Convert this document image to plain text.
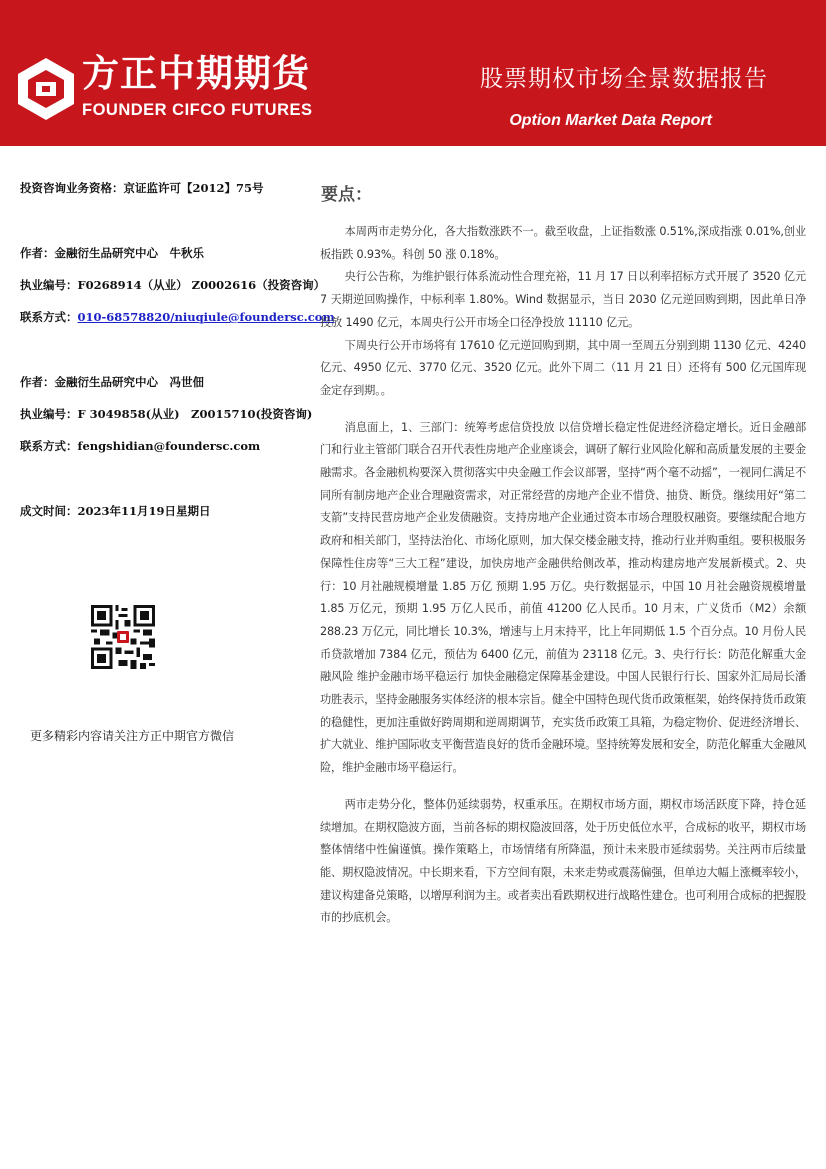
方正中期期货
FOUNDER CIFCO FUTURES
股票期权市场全景数据报告
Option Market Data Report
投资咨询业务资格：京证监许可【2012】75号
作者：金融衍生品研究中心　牛秋乐
执业编号：F0268914（从业） Z0002616（投资咨询）
联系方式：010-68578820/niuqiule@foundersc.com
作者：金融衍生品研究中心　冯世佃
执业编号：F 3049858(从业)　Z0015710(投资咨询)
联系方式：fengshidian@foundersc.com
成文时间：2023年11月19日星期日
更多精彩内容请关注方正中期官方微信
要点：

本周两市走势分化，各大指数涨跌不一。截至收盘，上证指数涨 0.51%,深成指涨 0.01%,创业板指跌 0.93%。科创 50 涨 0.18%。

央行公告称，为维护银行体系流动性合理充裕，11 月 17 日以利率招标方式开展了 3520 亿元 7 天期逆回购操作，中标利率 1.80%。Wind 数据显示，当日 2030 亿元逆回购到期，因此单日净投放 1490 亿元，本周央行公开市场全口径净投放 11110 亿元。

下周央行公开市场将有 17610 亿元逆回购到期，其中周一至周五分别到期 1130 亿元、4240 亿元、4950 亿元、3770 亿元、3520 亿元。此外下周二（11 月 21 日）还将有 500 亿元国库现金定存到期。。

消息面上，1、三部门：统筹考虑信贷投放 以信贷增长稳定性促进经济稳定增长。近日金融部门和行业主管部门联合召开代表性房地产企业座谈会，调研了解行业风险化解和高质量发展的主要金融需求。各金融机构要深入贯彻落实中央金融工作会议部署，坚持“两个毫不动摇”，一视同仁满足不同所有制房地产企业合理融资需求，对正常经营的房地产企业不惜贷、抽贷、断贷。继续用好“第二支箭”支持民营房地产企业发债融资。支持房地产企业通过资本市场合理股权融资。要继续配合地方政府和相关部门，坚持法治化、市场化原则，加大保交楼金融支持，推动行业并购重组。要积极服务保障性住房等“三大工程”建设，加快房地产金融供给侧改革，推动构建房地产发展新模式。2、央行：10 月社融规模增量 1.85 万亿 预期 1.95 万亿。央行数据显示，中国 10 月社会融资规模增量 1.85 万亿元，预期 1.95 万亿人民币，前值 41200 亿人民币。10 月末，广义货币（M2）余额 288.23 万亿元，同比增长 10.3%，增速与上月末持平，比上年同期低 1.5 个百分点。10 月份人民币贷款增加 7384 亿元，预估为 6400 亿元，前值为 23118 亿元。3、央行行长：防范化解重大金融风险 维护金融市场平稳运行 加快金融稳定保障基金建设。中国人民银行行长、国家外汇局局长潘功胜表示，坚持金融服务实体经济的根本宗旨。健全中国特色现代货币政策框架，始终保持货币政策的稳健性，更加注重做好跨周期和逆周期调节，充实货币政策工具箱，为稳定物价、促进经济增长、扩大就业、维护国际收支平衡营造良好的货币金融环境。坚持统筹发展和安全，防范化解重大金融风险，维护金融市场平稳运行。

两市走势分化，整体仍延续弱势，权重承压。在期权市场方面，期权市场活跃度下降，持仓延续增加。在期权隐波方面，当前各标的期权隐波回落，处于历史低位水平，合成标的收平，期权市场整体情绪中性偏谨慎。操作策略上，市场情绪有所降温，预计未来股市延续弱势。关注两市后续量能、期权隐波情况。中长期来看，下方空间有限，未来走势或震荡偏强，但单边大幅上涨概率较小，建议构建备兑策略，以增厚利润为主。或者卖出看跌期权进行战略性建仓。也可利用合成标的把握股市的抄底机会。
